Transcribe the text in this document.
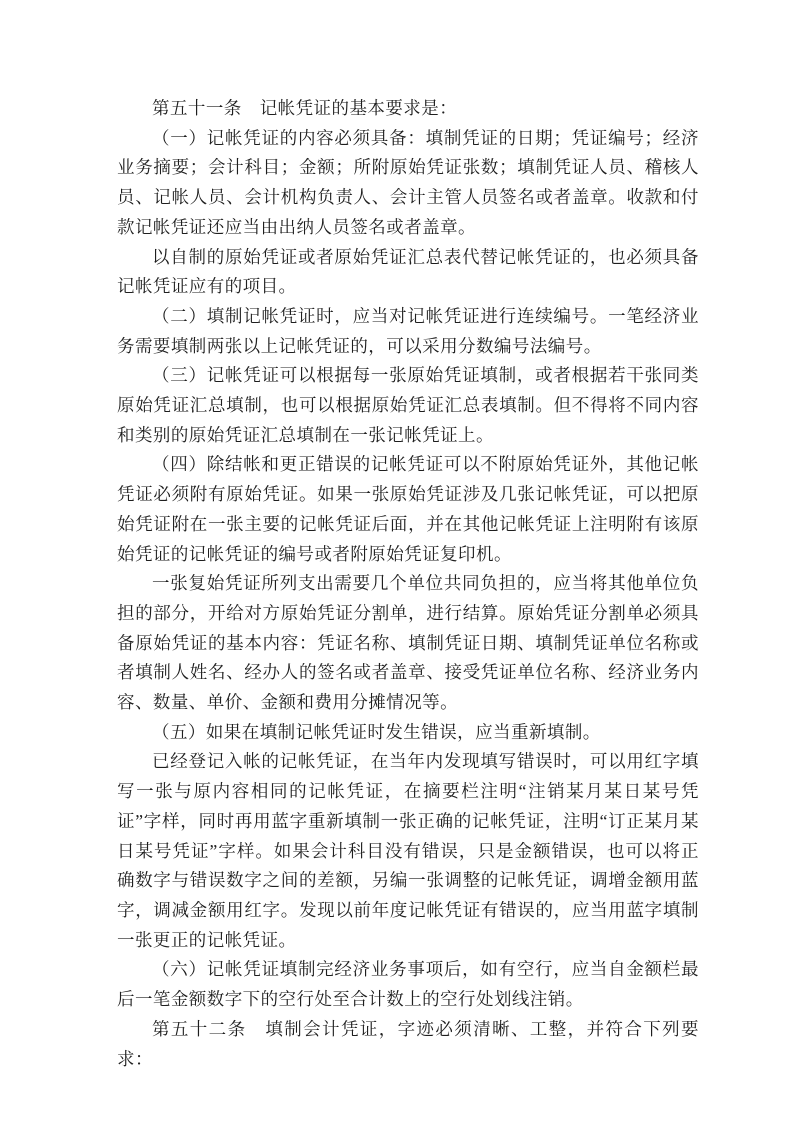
第五十一条　记帐凭证的基本要求是：

（一）记帐凭证的内容必须具备：填制凭证的日期；凭证编号；经济业务摘要；会计科目；金额；所附原始凭证张数；填制凭证人员、稽核人员、记帐人员、会计机构负责人、会计主管人员签名或者盖章。收款和付款记帐凭证还应当由出纳人员签名或者盖章。

以自制的原始凭证或者原始凭证汇总表代替记帐凭证的，也必须具备记帐凭证应有的项目。

（二）填制记帐凭证时，应当对记帐凭证进行连续编号。一笔经济业务需要填制两张以上记帐凭证的，可以采用分数编号法编号。

（三）记帐凭证可以根据每一张原始凭证填制，或者根据若干张同类原始凭证汇总填制，也可以根据原始凭证汇总表填制。但不得将不同内容和类别的原始凭证汇总填制在一张记帐凭证上。

（四）除结帐和更正错误的记帐凭证可以不附原始凭证外，其他记帐凭证必须附有原始凭证。如果一张原始凭证涉及几张记帐凭证，可以把原始凭证附在一张主要的记帐凭证后面，并在其他记帐凭证上注明附有该原始凭证的记帐凭证的编号或者附原始凭证复印机。

一张复始凭证所列支出需要几个单位共同负担的，应当将其他单位负担的部分，开给对方原始凭证分割单，进行结算。原始凭证分割单必须具备原始凭证的基本内容：凭证名称、填制凭证日期、填制凭证单位名称或者填制人姓名、经办人的签名或者盖章、接受凭证单位名称、经济业务内容、数量、单价、金额和费用分摊情况等。

（五）如果在填制记帐凭证时发生错误，应当重新填制。

已经登记入帐的记帐凭证，在当年内发现填写错误时，可以用红字填写一张与原内容相同的记帐凭证，在摘要栏注明“注销某月某日某号凭证”字样，同时再用蓝字重新填制一张正确的记帐凭证，注明“订正某月某日某号凭证”字样。如果会计科目没有错误，只是金额错误，也可以将正确数字与错误数字之间的差额，另编一张调整的记帐凭证，调增金额用蓝字，调减金额用红字。发现以前年度记帐凭证有错误的，应当用蓝字填制一张更正的记帐凭证。

（六）记帐凭证填制完经济业务事项后，如有空行，应当自金额栏最后一笔金额数字下的空行处至合计数上的空行处划线注销。

第五十二条　填制会计凭证，字迹必须清晰、工整，并符合下列要求：
